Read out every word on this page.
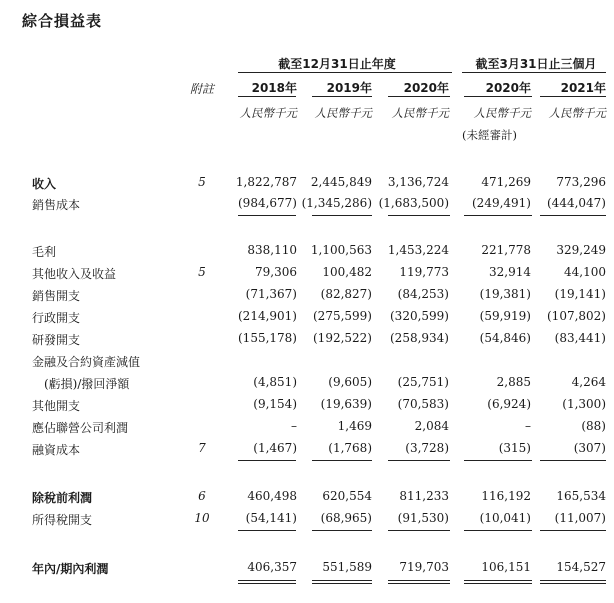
綜合損益表
截至12月31日止年度	截至3月31日止三個月
附註	2018年	2019年	2020年	2020年	2021年
人民幣千元 人民幣千元 人民幣千元 人民幣千元 人民幣千元
(未經審計)
收入	5	1,822,787 2,445,849 3,136,724	471,269 773,296
銷售成本	(984,677) (1,345,286) (1,683,500) (249,491) (444,047)
毛利	838,110 1,100,563 1,453,224	221,778 329,249
其他收入及收益	5	79,306 100,482 119,773	32,914	44,100
銷售開支	(71,367) (82,827) (84,253)	(19,381) (19,141)
行政開支	(214,901) (275,599) (320,599)	(59,919) (107,802)
研發開支	(155,178) (192,522) (258,934)	(54,846) (83,441)
金融及合約資產減值
(虧損)/撥回淨額	(4,851)	(9,605) (25,751)	2,885	4,264
其他開支	(9,154) (19,639) (70,583)	(6,924)	(1,300)
應佔聯營公司利潤	–	1,469	2,084	–	(88)
融資成本	7	(1,467)	(1,768)	(3,728)	(315)	(307)
除稅前利潤	6	460,498 620,554 811,233	116,192 165,534
所得稅開支	10	(54,141) (68,965) (91,530)	(10,041) (11,007)
年內/期內利潤	406,357 551,589 719,703	106,151 154,527
